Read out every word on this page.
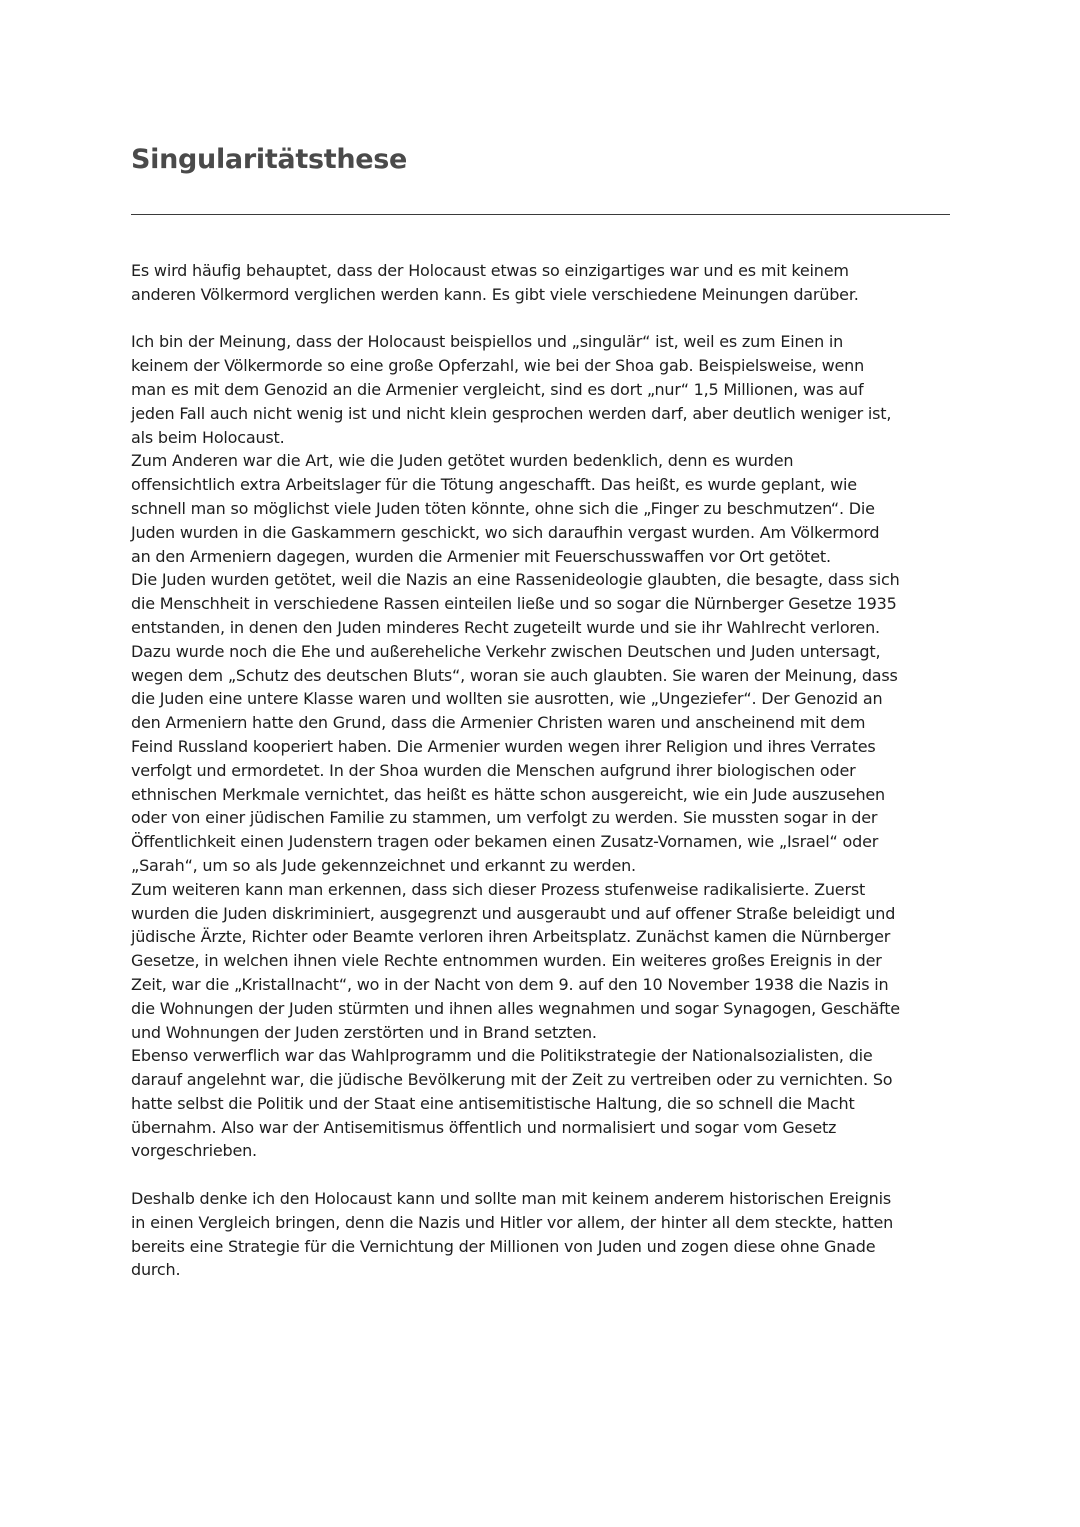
Singularitätsthese
Es wird häufig behauptet, dass der Holocaust etwas so einzigartiges war und es mit keinem
anderen Völkermord verglichen werden kann. Es gibt viele verschiedene Meinungen darüber.
Ich bin der Meinung, dass der Holocaust beispiellos und „singulär“ ist, weil es zum Einen in
keinem der Völkermorde so eine große Opferzahl, wie bei der Shoa gab. Beispielsweise, wenn
man es mit dem Genozid an die Armenier vergleicht, sind es dort „nur“ 1,5 Millionen, was auf
jeden Fall auch nicht wenig ist und nicht klein gesprochen werden darf, aber deutlich weniger ist,
als beim Holocaust.
Zum Anderen war die Art, wie die Juden getötet wurden bedenklich, denn es wurden
offensichtlich extra Arbeitslager für die Tötung angeschafft. Das heißt, es wurde geplant, wie
schnell man so möglichst viele Juden töten könnte, ohne sich die „Finger zu beschmutzen“. Die
Juden wurden in die Gaskammern geschickt, wo sich daraufhin vergast wurden. Am Völkermord
an den Armeniern dagegen, wurden die Armenier mit Feuerschusswaffen vor Ort getötet.
Die Juden wurden getötet, weil die Nazis an eine Rassenideologie glaubten, die besagte, dass sich
die Menschheit in verschiedene Rassen einteilen ließe und so sogar die Nürnberger Gesetze 1935
entstanden, in denen den Juden minderes Recht zugeteilt wurde und sie ihr Wahlrecht verloren.
Dazu wurde noch die Ehe und außereheliche Verkehr zwischen Deutschen und Juden untersagt,
wegen dem „Schutz des deutschen Bluts“, woran sie auch glaubten. Sie waren der Meinung, dass
die Juden eine untere Klasse waren und wollten sie ausrotten, wie „Ungeziefer“. Der Genozid an
den Armeniern hatte den Grund, dass die Armenier Christen waren und anscheinend mit dem
Feind Russland kooperiert haben. Die Armenier wurden wegen ihrer Religion und ihres Verrates
verfolgt und ermordetet. In der Shoa wurden die Menschen aufgrund ihrer biologischen oder
ethnischen Merkmale vernichtet, das heißt es hätte schon ausgereicht, wie ein Jude auszusehen
oder von einer jüdischen Familie zu stammen, um verfolgt zu werden. Sie mussten sogar in der
Öffentlichkeit einen Judenstern tragen oder bekamen einen Zusatz-Vornamen, wie „Israel“ oder
„Sarah“, um so als Jude gekennzeichnet und erkannt zu werden.
Zum weiteren kann man erkennen, dass sich dieser Prozess stufenweise radikalisierte. Zuerst
wurden die Juden diskriminiert, ausgegrenzt und ausgeraubt und auf offener Straße beleidigt und
jüdische Ärzte, Richter oder Beamte verloren ihren Arbeitsplatz. Zunächst kamen die Nürnberger
Gesetze, in welchen ihnen viele Rechte entnommen wurden. Ein weiteres großes Ereignis in der
Zeit, war die „Kristallnacht“, wo in der Nacht von dem 9. auf den 10 November 1938 die Nazis in
die Wohnungen der Juden stürmten und ihnen alles wegnahmen und sogar Synagogen, Geschäfte
und Wohnungen der Juden zerstörten und in Brand setzten.
Ebenso verwerflich war das Wahlprogramm und die Politikstrategie der Nationalsozialisten, die
darauf angelehnt war, die jüdische Bevölkerung mit der Zeit zu vertreiben oder zu vernichten. So
hatte selbst die Politik und der Staat eine antisemitistische Haltung, die so schnell die Macht
übernahm. Also war der Antisemitismus öffentlich und normalisiert und sogar vom Gesetz
vorgeschrieben.
Deshalb denke ich den Holocaust kann und sollte man mit keinem anderem historischen Ereignis
in einen Vergleich bringen, denn die Nazis und Hitler vor allem, der hinter all dem steckte, hatten
bereits eine Strategie für die Vernichtung der Millionen von Juden und zogen diese ohne Gnade
durch.
